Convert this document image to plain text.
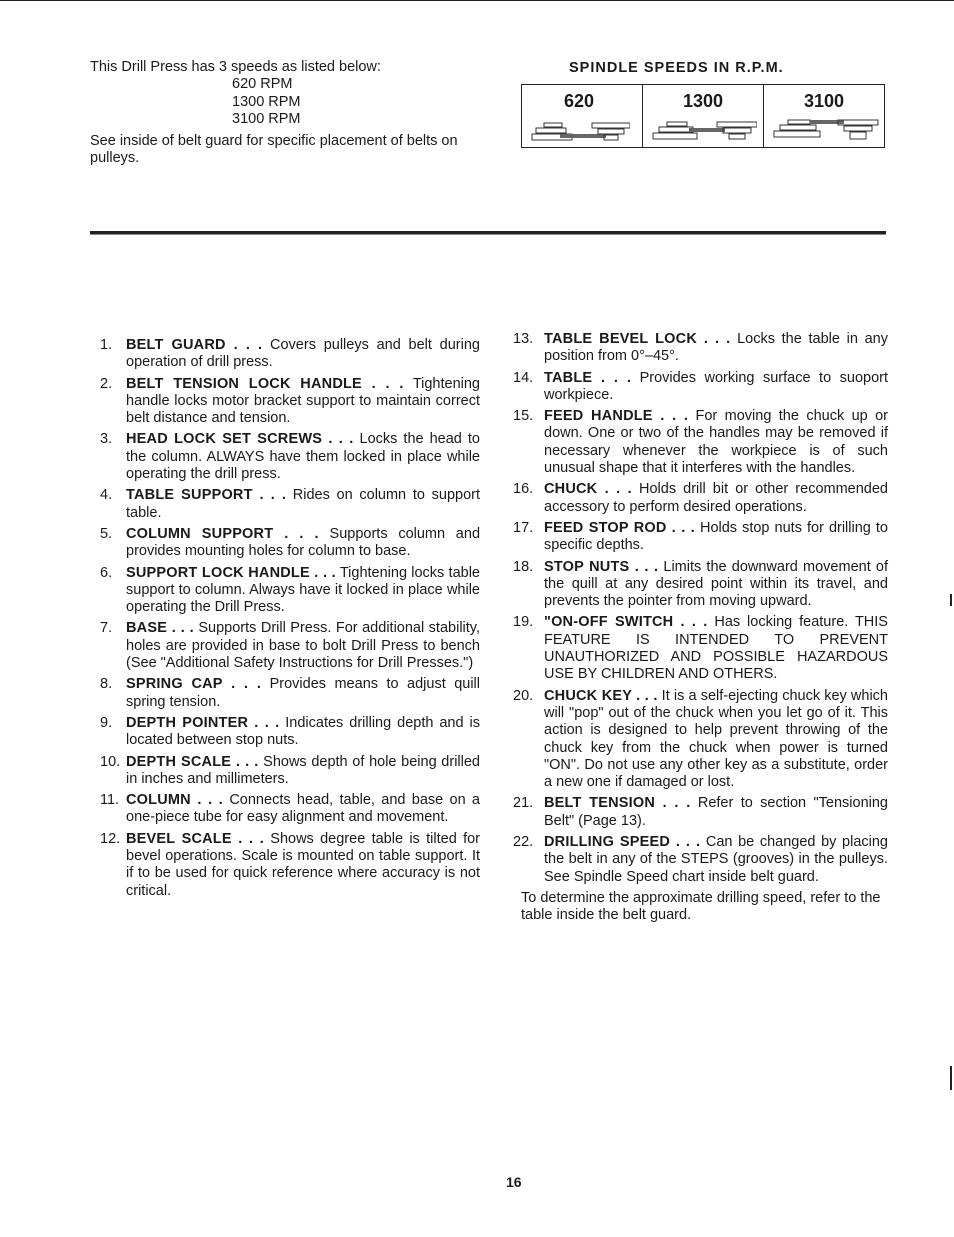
This Drill Press has 3 speeds as listed below:

620 RPM
1300 RPM
3100 RPM

See inside of belt guard for specific placement of belts on pulleys.

SPINDLE SPEEDS IN R.P.M.
620	1300	3100
1. BELT GUARD . . . Covers pulleys and belt during operation of drill press.
2. BELT TENSION LOCK HANDLE . . . Tightening handle locks motor bracket support to maintain correct belt distance and tension.
3. HEAD LOCK SET SCREWS . . . Locks the head to the column. ALWAYS have them locked in place while operating the drill press.
4. TABLE SUPPORT . . . Rides on column to support table.
5. COLUMN SUPPORT . . . Supports column and provides mounting holes for column to base.
6. SUPPORT LOCK HANDLE . . . Tightening locks table support to column. Always have it locked in place while operating the Drill Press.
7. BASE . . . Supports Drill Press. For additional stability, holes are provided in base to bolt Drill Press to bench (See "Additional Safety Instructions for Drill Presses.")
8. SPRING CAP . . . Provides means to adjust quill spring tension.
9. DEPTH POINTER . . . Indicates drilling depth and is located between stop nuts.
10. DEPTH SCALE . . . Shows depth of hole being drilled in inches and millimeters.
11. COLUMN . . . Connects head, table, and base on a one-piece tube for easy alignment and movement.
12. BEVEL SCALE . . . Shows degree table is tilted for bevel operations. Scale is mounted on table support. It if to be used for quick reference where accuracy is not critical.
13. TABLE BEVEL LOCK . . . Locks the table in any position from 0°–45°.
14. TABLE . . . Provides working surface to suoport workpiece.
15. FEED HANDLE . . . For moving the chuck up or down. One or two of the handles may be removed if necessary whenever the workpiece is of such unusual shape that it interferes with the handles.
16. CHUCK . . . Holds drill bit or other recommended accessory to perform desired operations.
17. FEED STOP ROD . . . Holds stop nuts for drilling to specific depths.
18. STOP NUTS . . . Limits the downward movement of the quill at any desired point within its travel, and prevents the pointer from moving upward.
19. "ON-OFF SWITCH . . . Has locking feature. THIS FEATURE IS INTENDED TO PREVENT UNAUTHORIZED AND POSSIBLE HAZARDOUS USE BY CHILDREN AND OTHERS.
20. CHUCK KEY . . . It is a self-ejecting chuck key which will "pop" out of the chuck when you let go of it. This action is designed to help prevent throwing of the chuck key from the chuck when power is turned "ON". Do not use any other key as a substitute, order a new one if damaged or lost.
21. BELT TENSION . . . Refer to section "Tensioning Belt" (Page 13).
22. DRILLING SPEED . . . Can be changed by placing the belt in any of the STEPS (grooves) in the pulleys. See Spindle Speed chart inside belt guard.
To determine the approximate drilling speed, refer to the table inside the belt guard.
16
